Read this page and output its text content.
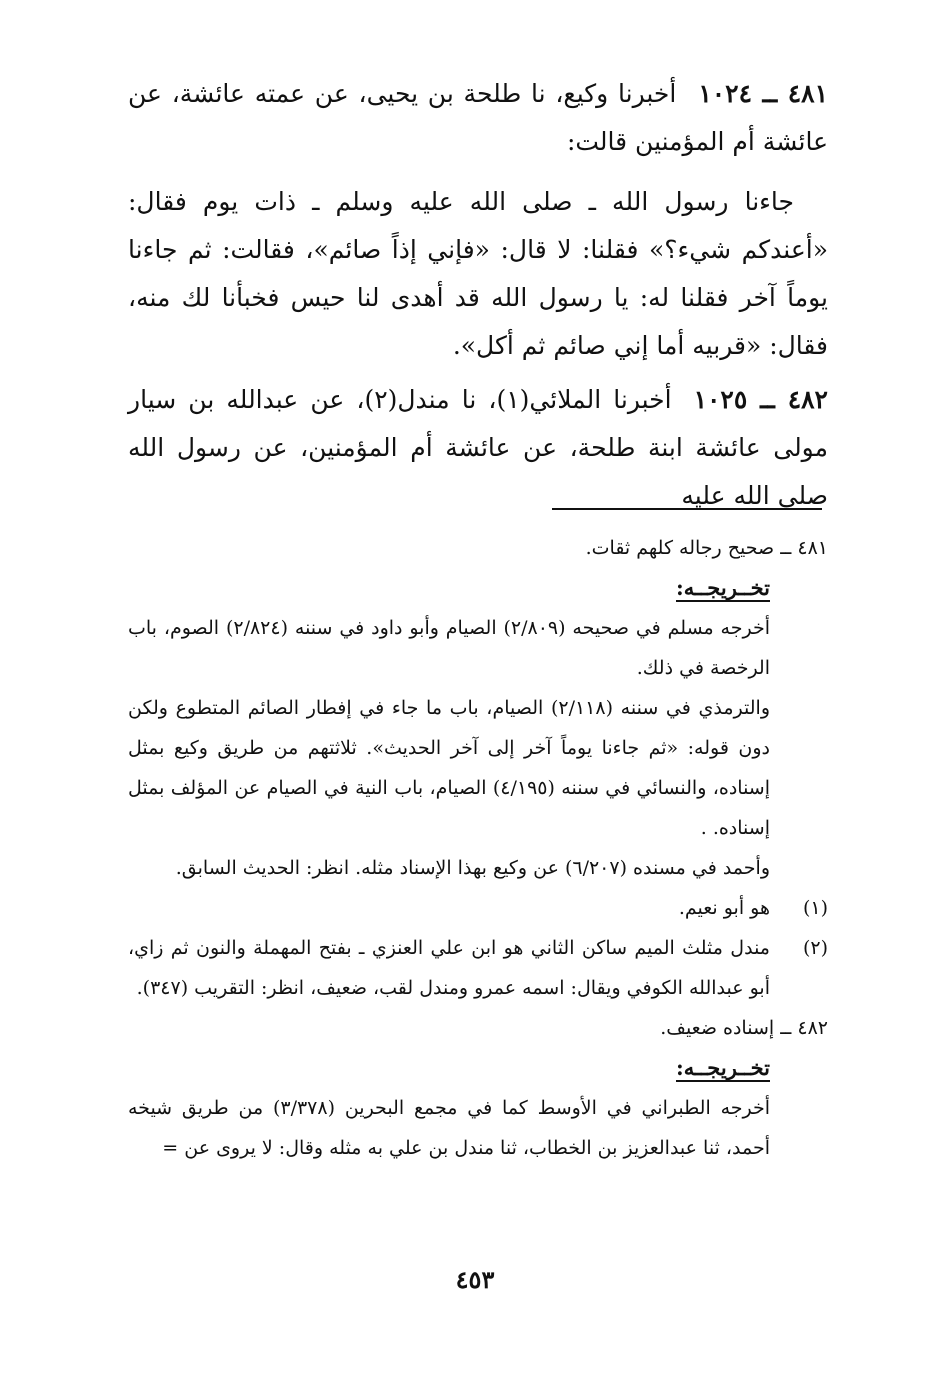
٤٨١ ــ ١٠٢٤أخبرنا وكيع، نا طلحة بن يحيى، عن عمته عائشة، عن عائشة أم المؤمنين قالت:

جاءنا رسول الله ـ صلى الله عليه وسلم ـ ذات يوم فقال: «أعندكم شيء؟» فقلنا: لا قال: «فإني إذاً صائم»، فقالت: ثم جاءنا يوماً آخر فقلنا له: يا رسول الله قد أهدى لنا حيس فخبأنا لك منه، فقال: «قربيه أما إني صائم ثم أكل».

٤٨٢ ــ ١٠٢٥أخبرنا الملائي(١)، نا مندل(٢)، عن عبدالله بن سيار مولى عائشة ابنة طلحة، عن عائشة أم المؤمنين، عن رسول الله صلى الله عليه

٤٨١ ــ صحيح رجاله كلهم ثقات.

تخــريجــه:

أخرجه مسلم في صحيحه (٢/٨٠٩) الصيام وأبو داود في سننه (٢/٨٢٤) الصوم، باب الرخصة في ذلك.

والترمذي في سننه (٢/١١٨) الصيام، باب ما جاء في إفطار الصائم المتطوع ولكن دون قوله: «ثم جاءنا يوماً آخر إلى آخر الحديث». ثلاثتهم من طريق وكيع بمثل إسناده، والنسائي في سننه (٤/١٩٥) الصيام، باب النية في الصيام عن المؤلف بمثل إسناده. .

وأحمد في مسنده (٦/٢٠٧) عن وكيع بهذا الإسناد مثله. انظر: الحديث السابق.

(١)
هو أبو نعيم.
(٢)
مندل مثلث الميم ساكن الثاني هو ابن علي العنزي ـ بفتح المهملة والنون ثم زاي، أبو عبدالله الكوفي ويقال: اسمه عمرو ومندل لقب، ضعيف، انظر: التقريب (٣٤٧).

٤٨٢ ــ إسناده ضعيف.

تخــريجــه:

أخرجه الطبراني في الأوسط كما في مجمع البحرين (٣/٣٧٨) من طريق شيخه أحمد، ثنا عبدالعزيز بن الخطاب، ثنا مندل بن علي به مثله وقال: لا يروى عن =

٤٥٣
